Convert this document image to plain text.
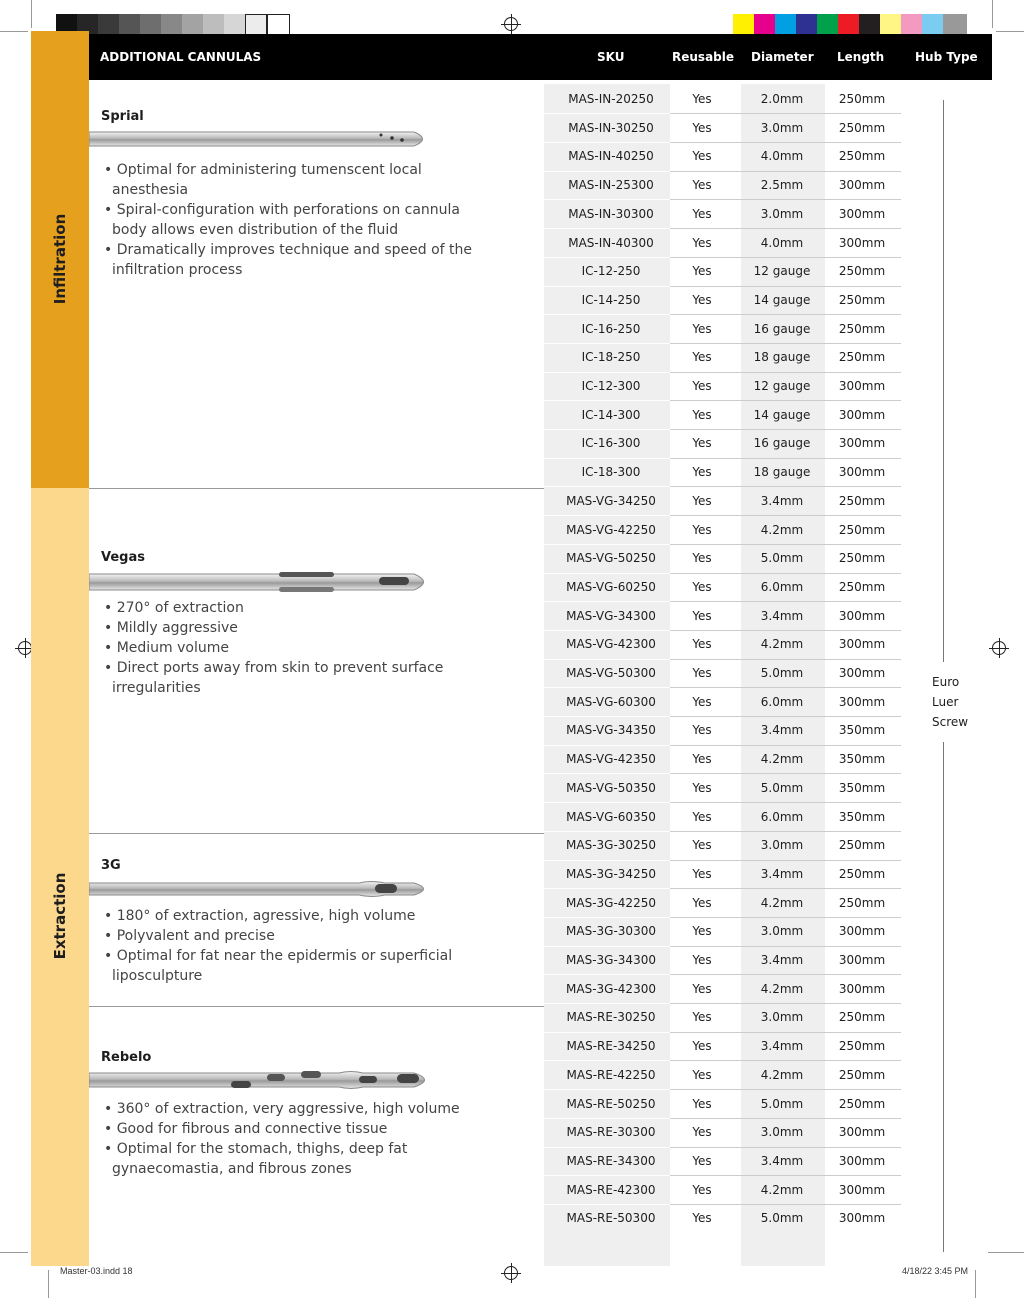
Infiltration
Extraction
ADDITIONAL CANNULAS	SKU	Reusable Diameter Length	Hub Type
Sprial
• Optimal for administering tumenscent local anesthesia
• Spiral-configuration with perforations on cannula body allows even distribution of the fluid
• Dramatically improves technique and speed of the infiltration process
Vegas
• 270° of extraction
• Mildly aggressive
• Medium volume
• Direct ports away from skin to prevent surface irregularities
3G
• 180° of extraction, agressive, high volume
• Polyvalent and precise
• Optimal for fat near the epidermis or superficial liposculpture
Rebelo
• 360° of extraction, very aggressive, high volume
• Good for fibrous and connective tissue
• Optimal for the stomach, thighs, deep fat gynaecomastia, and fibrous zones
MAS-IN-20250	Yes	2.0mm	250mm
MAS-IN-30250	Yes	3.0mm	250mm
MAS-IN-40250	Yes	4.0mm	250mm
MAS-IN-25300	Yes	2.5mm	300mm
MAS-IN-30300	Yes	3.0mm	300mm
MAS-IN-40300	Yes	4.0mm	300mm
IC-12-250	Yes	12 gauge 250mm
IC-14-250	Yes	14 gauge 250mm
IC-16-250	Yes	16 gauge 250mm
IC-18-250	Yes	18 gauge 250mm
IC-12-300	Yes	12 gauge 300mm
IC-14-300	Yes	14 gauge 300mm
IC-16-300	Yes	16 gauge 300mm
IC-18-300	Yes	18 gauge 300mm
MAS-VG-34250	Yes	3.4mm	250mm
MAS-VG-42250	Yes	4.2mm	250mm
MAS-VG-50250	Yes	5.0mm	250mm
MAS-VG-60250	Yes	6.0mm	250mm
MAS-VG-34300	Yes	3.4mm	300mm
MAS-VG-42300	Yes	4.2mm	300mm
MAS-VG-50300	Yes	5.0mm	300mm
MAS-VG-60300	Yes	6.0mm	300mm
MAS-VG-34350	Yes	3.4mm	350mm
MAS-VG-42350	Yes	4.2mm	350mm
MAS-VG-50350	Yes	5.0mm	350mm
MAS-VG-60350	Yes	6.0mm	350mm
MAS-3G-30250	Yes	3.0mm	250mm
MAS-3G-34250	Yes	3.4mm	250mm
MAS-3G-42250	Yes	4.2mm	250mm
MAS-3G-30300	Yes	3.0mm	300mm
MAS-3G-34300	Yes	3.4mm	300mm
MAS-3G-42300	Yes	4.2mm	300mm
MAS-RE-30250	Yes	3.0mm	250mm
MAS-RE-34250	Yes	3.4mm	250mm
MAS-RE-42250	Yes	4.2mm	250mm
MAS-RE-50250	Yes	5.0mm	250mm
MAS-RE-30300	Yes	3.0mm	300mm
MAS-RE-34300	Yes	3.4mm	300mm
MAS-RE-42300	Yes	4.2mm	300mm
MAS-RE-50300	Yes	5.0mm	300mm
Euro
Luer
Screw
Master-03.indd 18	4/18/22 3:45 PM
